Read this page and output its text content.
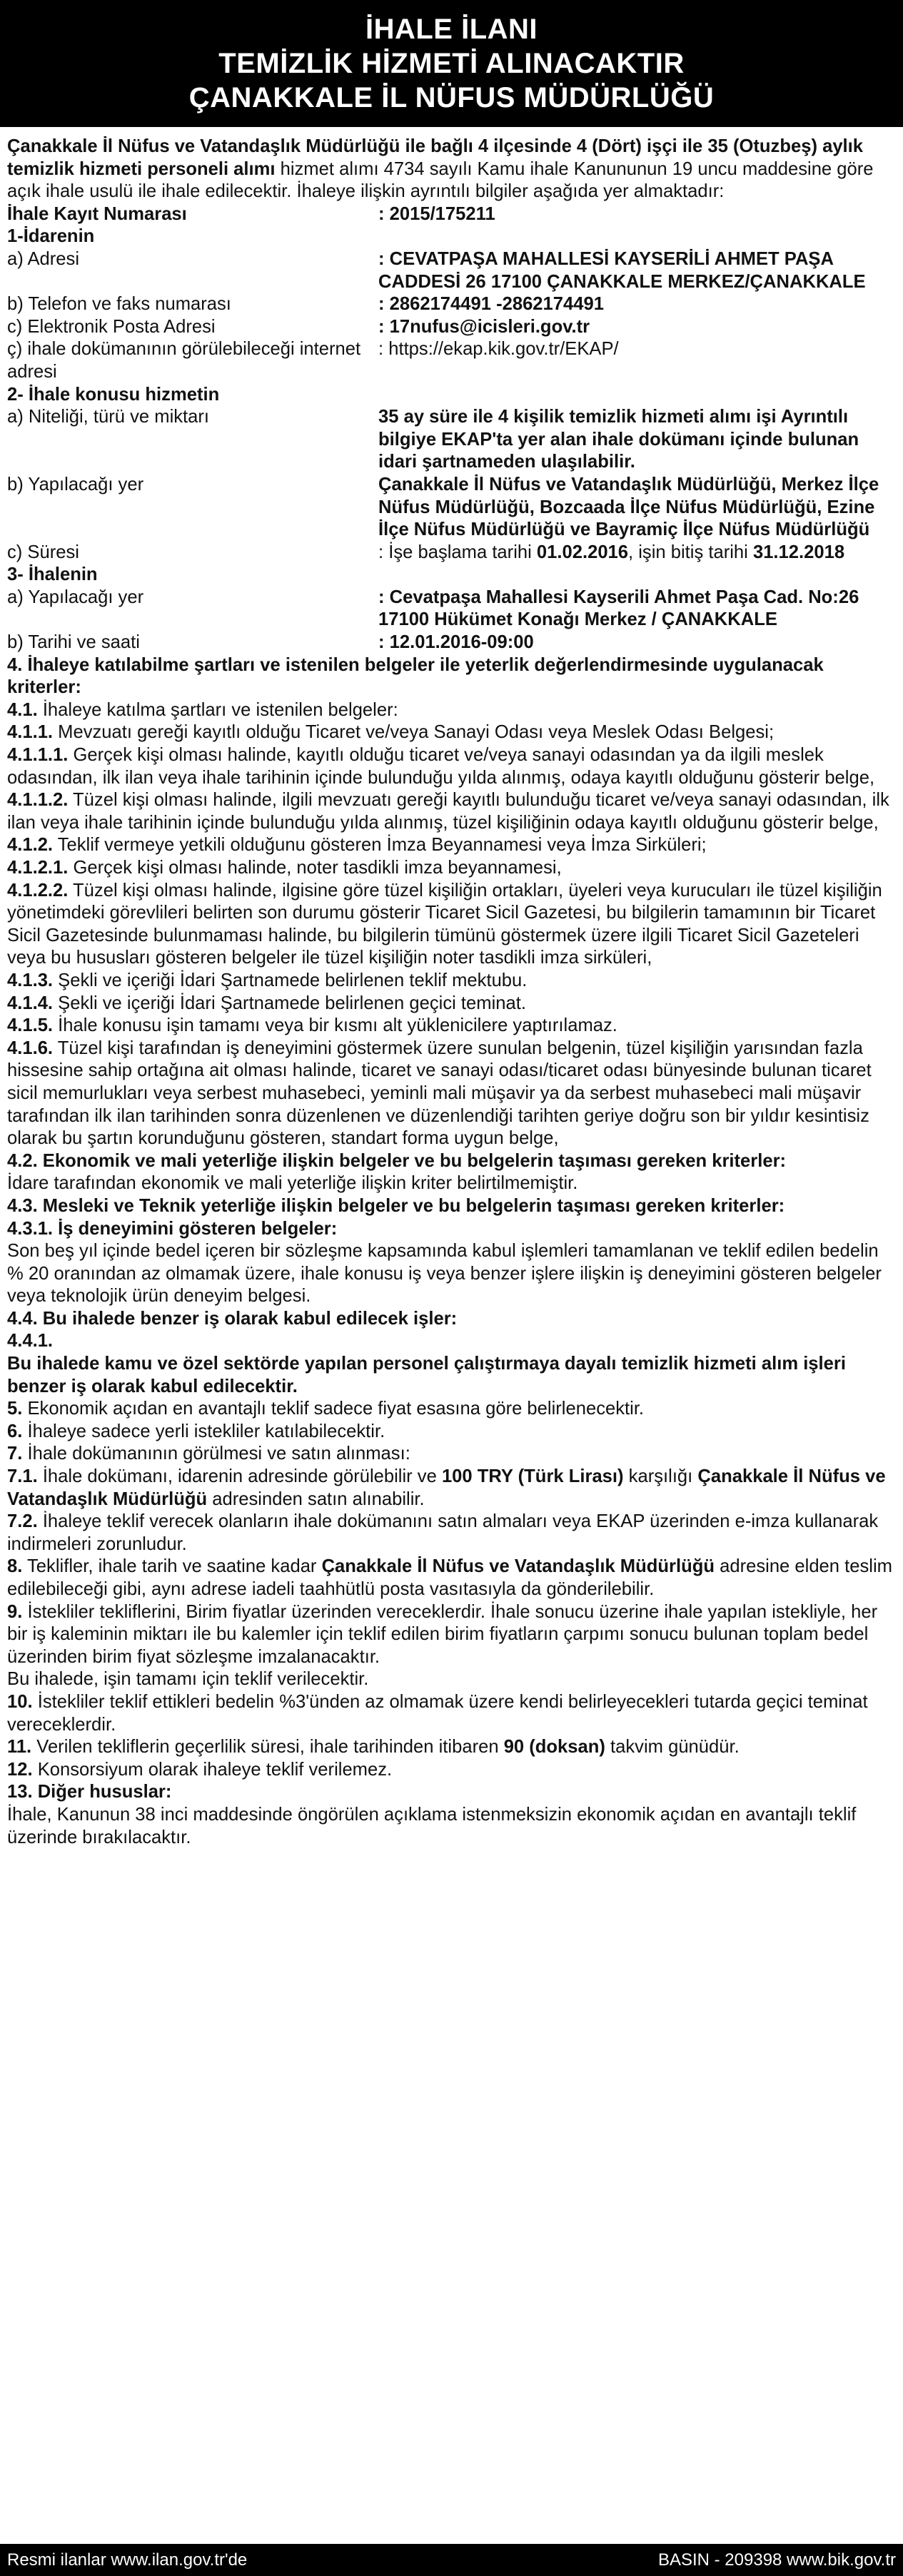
İHALE İLANI
TEMİZLİK HİZMETİ ALINACAKTIR
ÇANAKKALE İL NÜFUS MÜDÜRLÜĞÜ

Çanakkale İl Nüfus ve Vatandaşlık Müdürlüğü ile bağlı 4 ilçesinde 4 (Dört) işçi ile 35 (Otuzbeş) aylık temizlik hizmeti personeli alımı hizmet alımı 4734 sayılı Kamu ihale Kanununun 19 uncu maddesine göre açık ihale usulü ile ihale edilecektir. İhaleye ilişkin ayrıntılı bilgiler aşağıda yer almaktadır:

İhale Kayıt Numarası	: 2015/175211

1-İdarenin

a) Adresi	: CEVATPAŞA MAHALLESİ KAYSERİLİ AHMET PAŞA CADDESİ 26 17100 ÇANAKKALE MERKEZ/ÇANAKKALE
b) Telefon ve faks numarası	: 2862174491 -2862174491
c) Elektronik Posta Adresi	: 17nufus@icisleri.gov.tr
ç) ihale dokümanının görülebileceği internet adresi
: https://ekap.kik.gov.tr/EKAP/

2- İhale konusu hizmetin

a) Niteliği, türü ve miktarı	35 ay süre ile 4 kişilik temizlik hizmeti alımı işi Ayrıntılı bilgiye EKAP'ta yer alan ihale dokümanı içinde bulunan idari şartnameden ulaşılabilir.
b) Yapılacağı yer	Çanakkale İl Nüfus ve Vatandaşlık Müdürlüğü, Merkez İlçe Nüfus Müdürlüğü, Bozcaada İlçe Nüfus Müdürlüğü, Ezine İlçe Nüfus Müdürlüğü ve Bayramiç İlçe Nüfus Müdürlüğü
c) Süresi	: İşe başlama tarihi 01.02.2016, işin bitiş tarihi 31.12.2018

3- İhalenin

a) Yapılacağı yer	: Cevatpaşa Mahallesi Kayserili Ahmet Paşa Cad. No:26 17100 Hükümet Konağı Merkez / ÇANAKKALE
b) Tarihi ve saati	: 12.01.2016-09:00

4. İhaleye katılabilme şartları ve istenilen belgeler ile yeterlik değerlendirmesinde uygulanacak kriterler:

4.1. İhaleye katılma şartları ve istenilen belgeler:

4.1.1. Mevzuatı gereği kayıtlı olduğu Ticaret ve/veya Sanayi Odası veya Meslek Odası Belgesi;

4.1.1.1. Gerçek kişi olması halinde, kayıtlı olduğu ticaret ve/veya sanayi odasından ya da ilgili meslek odasından, ilk ilan veya ihale tarihinin içinde bulunduğu yılda alınmış, odaya kayıtlı olduğunu gösterir belge,

4.1.1.2. Tüzel kişi olması halinde, ilgili mevzuatı gereği kayıtlı bulunduğu ticaret ve/veya sanayi odasından, ilk ilan veya ihale tarihinin içinde bulunduğu yılda alınmış, tüzel kişiliğinin odaya kayıtlı olduğunu gösterir belge,

4.1.2. Teklif vermeye yetkili olduğunu gösteren İmza Beyannamesi veya İmza Sirküleri;

4.1.2.1. Gerçek kişi olması halinde, noter tasdikli imza beyannamesi,

4.1.2.2. Tüzel kişi olması halinde, ilgisine göre tüzel kişiliğin ortakları, üyeleri veya kurucuları ile tüzel kişiliğin yönetimdeki görevlileri belirten son durumu gösterir Ticaret Sicil Gazetesi, bu bilgilerin tamamının bir Ticaret Sicil Gazetesinde bulunmaması halinde, bu bilgilerin tümünü göstermek üzere ilgili Ticaret Sicil Gazeteleri veya bu hususları gösteren belgeler ile tüzel kişiliğin noter tasdikli imza sirküleri,

4.1.3. Şekli ve içeriği İdari Şartnamede belirlenen teklif mektubu.

4.1.4. Şekli ve içeriği İdari Şartnamede belirlenen geçici teminat.

4.1.5. İhale konusu işin tamamı veya bir kısmı alt yüklenicilere yaptırılamaz.

4.1.6. Tüzel kişi tarafından iş deneyimini göstermek üzere sunulan belgenin, tüzel kişiliğin yarısından fazla hissesine sahip ortağına ait olması halinde, ticaret ve sanayi odası/ticaret odası bünyesinde bulunan ticaret sicil memurlukları veya serbest muhasebeci, yeminli mali müşavir ya da serbest muhasebeci mali müşavir tarafından ilk ilan tarihinden sonra düzenlenen ve düzenlendiği tarihten geriye doğru son bir yıldır kesintisiz olarak bu şartın korunduğunu gösteren, standart forma uygun belge,

4.2. Ekonomik ve mali yeterliğe ilişkin belgeler ve bu belgelerin taşıması gereken kriterler:

İdare tarafından ekonomik ve mali yeterliğe ilişkin kriter belirtilmemiştir.

4.3. Mesleki ve Teknik yeterliğe ilişkin belgeler ve bu belgelerin taşıması gereken kriterler:

4.3.1. İş deneyimini gösteren belgeler:

Son beş yıl içinde bedel içeren bir sözleşme kapsamında kabul işlemleri tamamlanan ve teklif edilen bedelin % 20 oranından az olmamak üzere, ihale konusu iş veya benzer işlere ilişkin iş deneyimini gösteren belgeler veya teknolojik ürün deneyim belgesi.

4.4. Bu ihalede benzer iş olarak kabul edilecek işler:

4.4.1.

Bu ihalede kamu ve özel sektörde yapılan personel çalıştırmaya dayalı temizlik hizmeti alım işleri benzer iş olarak kabul edilecektir.

5. Ekonomik açıdan en avantajlı teklif sadece fiyat esasına göre belirlenecektir.

6. İhaleye sadece yerli istekliler katılabilecektir.

7. İhale dokümanının görülmesi ve satın alınması:

7.1. İhale dokümanı, idarenin adresinde görülebilir ve 100 TRY (Türk Lirası) karşılığı Çanakkale İl Nüfus ve Vatandaşlık Müdürlüğü adresinden satın alınabilir.

7.2. İhaleye teklif verecek olanların ihale dokümanını satın almaları veya EKAP üzerinden e-imza kullanarak indirmeleri zorunludur.

8. Teklifler, ihale tarih ve saatine kadar Çanakkale İl Nüfus ve Vatandaşlık Müdürlüğü adresine elden teslim edilebileceği gibi, aynı adrese iadeli taahhütlü posta vasıtasıyla da gönderilebilir.

9. İstekliler tekliflerini, Birim fiyatlar üzerinden vereceklerdir. İhale sonucu üzerine ihale yapılan istekliyle, her bir iş kaleminin miktarı ile bu kalemler için teklif edilen birim fiyatların çarpımı sonucu bulunan toplam bedel üzerinden birim fiyat sözleşme imzalanacaktır.

Bu ihalede, işin tamamı için teklif verilecektir.

10. İstekliler teklif ettikleri bedelin %3'ünden az olmamak üzere kendi belirleyecekleri tutarda geçici teminat vereceklerdir.

11. Verilen tekliflerin geçerlilik süresi, ihale tarihinden itibaren 90 (doksan) takvim günüdür.

12. Konsorsiyum olarak ihaleye teklif verilemez.

13. Diğer hususlar:

İhale, Kanunun 38 inci maddesinde öngörülen açıklama istenmeksizin ekonomik açıdan en avantajlı teklif üzerinde bırakılacaktır.

Resmi ilanlar www.ilan.gov.tr'de	BASIN - 209398 www.bik.gov.tr
